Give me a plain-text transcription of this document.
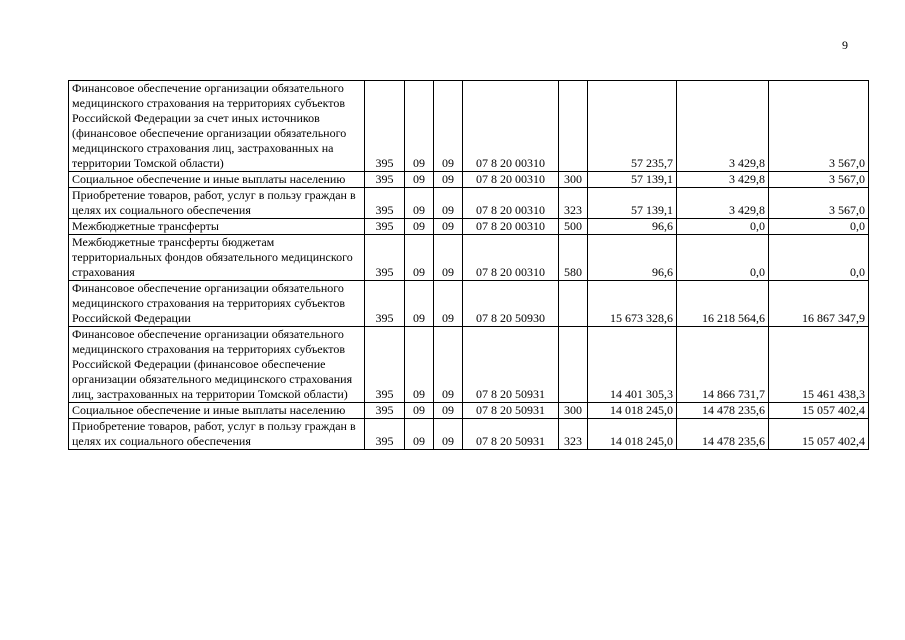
9
Финансовое обеспечение организации обязательного медицинского страхования на территориях субъектов Российской Федерации за счет иных источников (финансовое обеспечение организации обязательного медицинского страхования лиц, застрахованных на территории Томской области)	395	09	09	07 8 20 00310		57 235,7	3 429,8	3 567,0
Социальное обеспечение и иные выплаты населению	395	09	09	07 8 20 00310	300	57 139,1	3 429,8	3 567,0
Приобретение товаров, работ, услуг в пользу граждан в целях их социального обеспечения	395	09	09	07 8 20 00310	323	57 139,1	3 429,8	3 567,0
Межбюджетные трансферты	395	09	09	07 8 20 00310	500	96,6	0,0	0,0
Межбюджетные трансферты бюджетам территориальных фондов обязательного медицинского страхования	395	09	09	07 8 20 00310	580	96,6	0,0	0,0
Финансовое обеспечение организации обязательного медицинского страхования на территориях субъектов Российской Федерации	395	09	09	07 8 20 50930		15 673 328,6	16 218 564,6	16 867 347,9
Финансовое обеспечение организации обязательного медицинского страхования на территориях субъектов Российской Федерации (финансовое обеспечение организации обязательного медицинского страхования лиц, застрахованных на территории Томской области)	395	09	09	07 8 20 50931		14 401 305,3	14 866 731,7	15 461 438,3
Социальное обеспечение и иные выплаты населению	395	09	09	07 8 20 50931	300	14 018 245,0	14 478 235,6	15 057 402,4
Приобретение товаров, работ, услуг в пользу граждан в целях их социального обеспечения	395	09	09	07 8 20 50931	323	14 018 245,0	14 478 235,6	15 057 402,4
